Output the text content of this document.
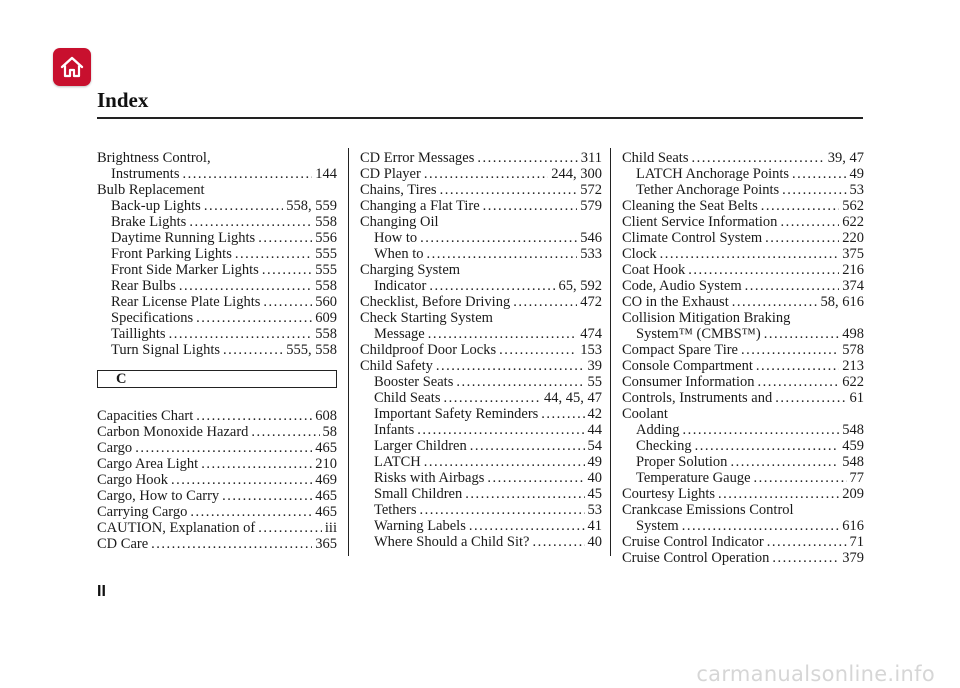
Index
Brightness Control,
Instruments .....	144
Bulb Replacement
Back-up Lights .....	558, 559
Brake Lights .....	558
Daytime Running Lights .....	556
Front Parking Lights .....	555
Front Side Marker Lights .....	555
Rear Bulbs .....	558
Rear License Plate Lights .....	560
Specifications .....	609
Taillights .....	558
Turn Signal Lights .....	555, 558
C
Capacities Chart .....	608
Carbon Monoxide Hazard .....	58
Cargo .....	465
Cargo Area Light .....	210
Cargo Hook .....	469
Cargo, How to Carry .....	465
Carrying Cargo .....	465
CAUTION, Explanation of .....	iii
CD Care .....	365
CD Error Messages .....	311
CD Player .....	244, 300
Chains, Tires .....	572
Changing a Flat Tire .....	579
Changing Oil
How to .....	546
When to .....	533
Charging System
Indicator .....	65, 592
Checklist, Before Driving .....	472
Check Starting System
Message .....	474
Childproof Door Locks .....	153
Child Safety .....	39
Booster Seats .....	55
Child Seats .....	44, 45, 47
Important Safety Reminders .....	42
Infants .....	44
Larger Children .....	54
LATCH .....	49
Risks with Airbags .....	40
Small Children .....	45
Tethers .....	53
Warning Labels .....	41
Where Should a Child Sit? .....	40
Child Seats .....	39, 47
LATCH Anchorage Points .....	49
Tether Anchorage Points .....	53
Cleaning the Seat Belts .....	562
Client Service Information .....	622
Climate Control System .....	220
Clock .....	375
Coat Hook .....	216
Code, Audio System .....	374
CO in the Exhaust .....	58, 616
Collision Mitigation Braking
System™ (CMBS™) .....	498
Compact Spare Tire .....	578
Console Compartment .....	213
Consumer Information .....	622
Controls, Instruments and .....	61
Coolant
Adding .....	548
Checking .....	459
Proper Solution .....	548
Temperature Gauge .....	77
Courtesy Lights .....	209
Crankcase Emissions Control
System .....	616
Cruise Control Indicator .....	71
Cruise Control Operation .....	379
II
carmanualsonline.info
